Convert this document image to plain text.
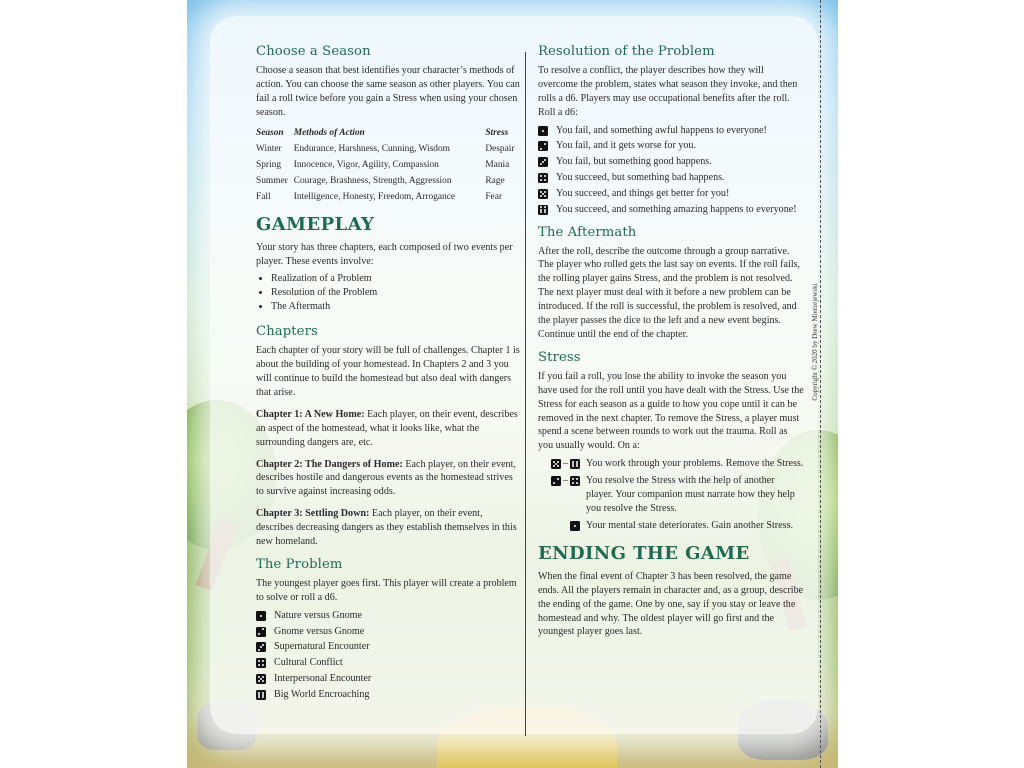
Choose a Season

Choose a season that best identifies your character’s methods of action. You can choose the same season as other players. You can fail a roll twice before you gain a Stress when using your chosen season.

Season	Methods of Action	Stress
Winter	Endurance, Harshness, Cunning, Wisdom	Despair
Spring	Innocence, Vigor, Agility, Compassion	Mania
Summer	Courage, Brashness, Strength, Aggression	Rage
Fall	Intelligence, Honesty, Freedom, Arrogance	Fear
GAMEPLAY

Your story has three chapters, each composed of two events per player. These events involve:

• Realization of a Problem
• Resolution of the Problem
• The Aftermath
Chapters

Each chapter of your story will be full of challenges. Chapter 1 is about the building of your homestead. In Chapters 2 and 3 you will continue to build the homestead but also deal with dangers that arise.

Chapter 1: A New Home: Each player, on their event, describes an aspect of the homestead, what it looks like, what the surrounding dangers are, etc.

Chapter 2: The Dangers of Home: Each player, on their event, describes hostile and dangerous events as the homestead strives to survive against increasing odds.

Chapter 3: Settling Down: Each player, on their event, describes decreasing dangers as they establish themselves in this new homeland.

The Problem

The youngest player goes first. This player will create a problem to solve or roll a d6.

Nature versus Gnome
Gnome versus Gnome
Supernatural Encounter
Cultural Conflict
Interpersonal Encounter
Big World Encroaching
Resolution of the Problem

To resolve a conflict, the player describes how they will overcome the problem, states what season they invoke, and then rolls a d6. Players may use occupational benefits after the roll. Roll a d6:

You fail, and something awful happens to everyone!
You fail, and it gets worse for you.
You fail, but something good happens.
You succeed, but something bad happens.
You succeed, and things get better for you!
You succeed, and something amazing happens to everyone!
The Aftermath

After the roll, describe the outcome through a group narrative. The player who rolled gets the last say on events. If the roll fails, the rolling player gains Stress, and the problem is not resolved. The next player must deal with it before a new problem can be introduced. If the roll is successful, the problem is resolved, and the player passes the dice to the left and a new event begins. Continue until the end of the chapter.

Stress

If you fail a roll, you lose the ability to invoke the season you have used for the roll until you have dealt with the Stress. Use the Stress for each season as a guide to how you cope until it can be removed in the next chapter. To remove the Stress, a player must spend a scene between rounds to work out the trauma. Roll as you usually would. On a:

– You work through your problems. Remove the Stress.
– You resolve the Stress with the help of another player. Your companion must narrate how they help you resolve the Stress.
Your mental state deteriorates. Gain another Stress.
ENDING THE GAME

When the final event of Chapter 3 has been resolved, the game ends. All the players remain in character and, as a group, describe the ending of the game. One by one, say if you stay or leave the homestead and why. The oldest player will go first and the youngest player goes last.

Copyright © 2020 by Drew Mierzejewski
